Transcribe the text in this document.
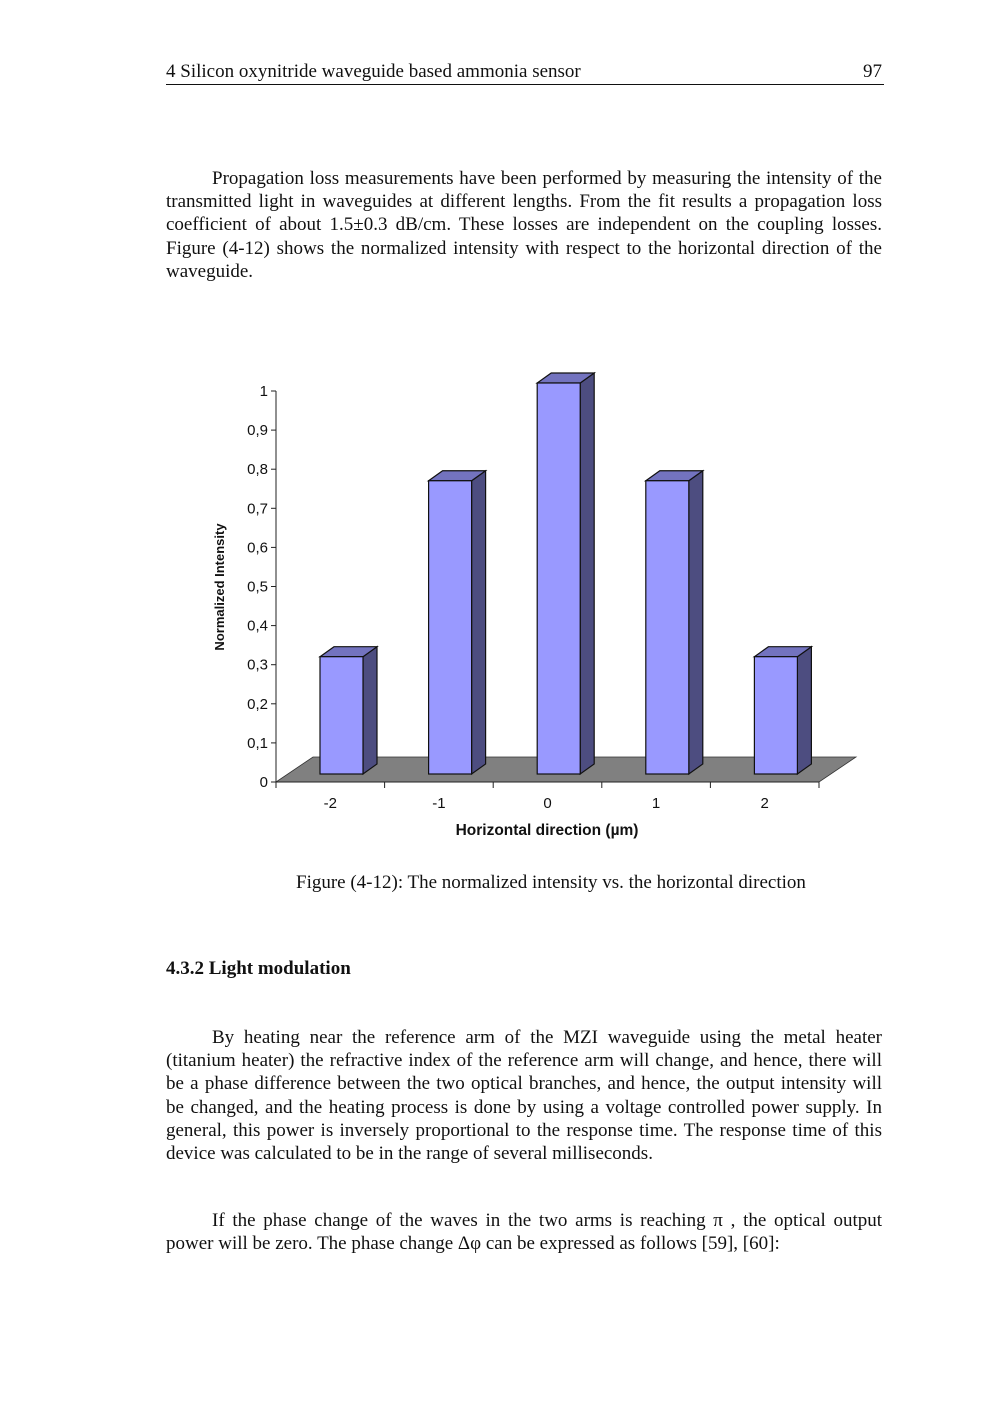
4 Silicon oxynitride waveguide based ammonia sensor	97

Propagation loss measurements have been performed by measuring the intensity of the transmitted light in waveguides at different lengths. From the fit results a propagation loss coefficient of about 1.5±0.3 dB/cm. These losses are independent on the coupling losses. Figure (4-12) shows the normalized intensity with respect to the horizontal direction of the waveguide.

0
0,1
0,2
0,3
0,4
0,5
0,6
0,7
0,8
0,9
1
-2	-1	0	1	2
Horizontal direction (µm)
Normalized Intensity

Figure (4-12): The normalized intensity vs. the horizontal direction

4.3.2 Light modulation

By heating near the reference arm of the MZI waveguide using the metal heater (titanium heater) the refractive index of the reference arm will change, and hence, there will be a phase difference between the two optical branches, and hence, the output intensity will be changed, and the heating process is done by using a voltage controlled power supply. In general, this power is inversely proportional to the response time. The response time of this device was calculated to be in the range of several milliseconds.

If the phase change of the waves in the two arms is reaching π , the optical output power will be zero. The phase change Δφ can be expressed as follows [59], [60]:
